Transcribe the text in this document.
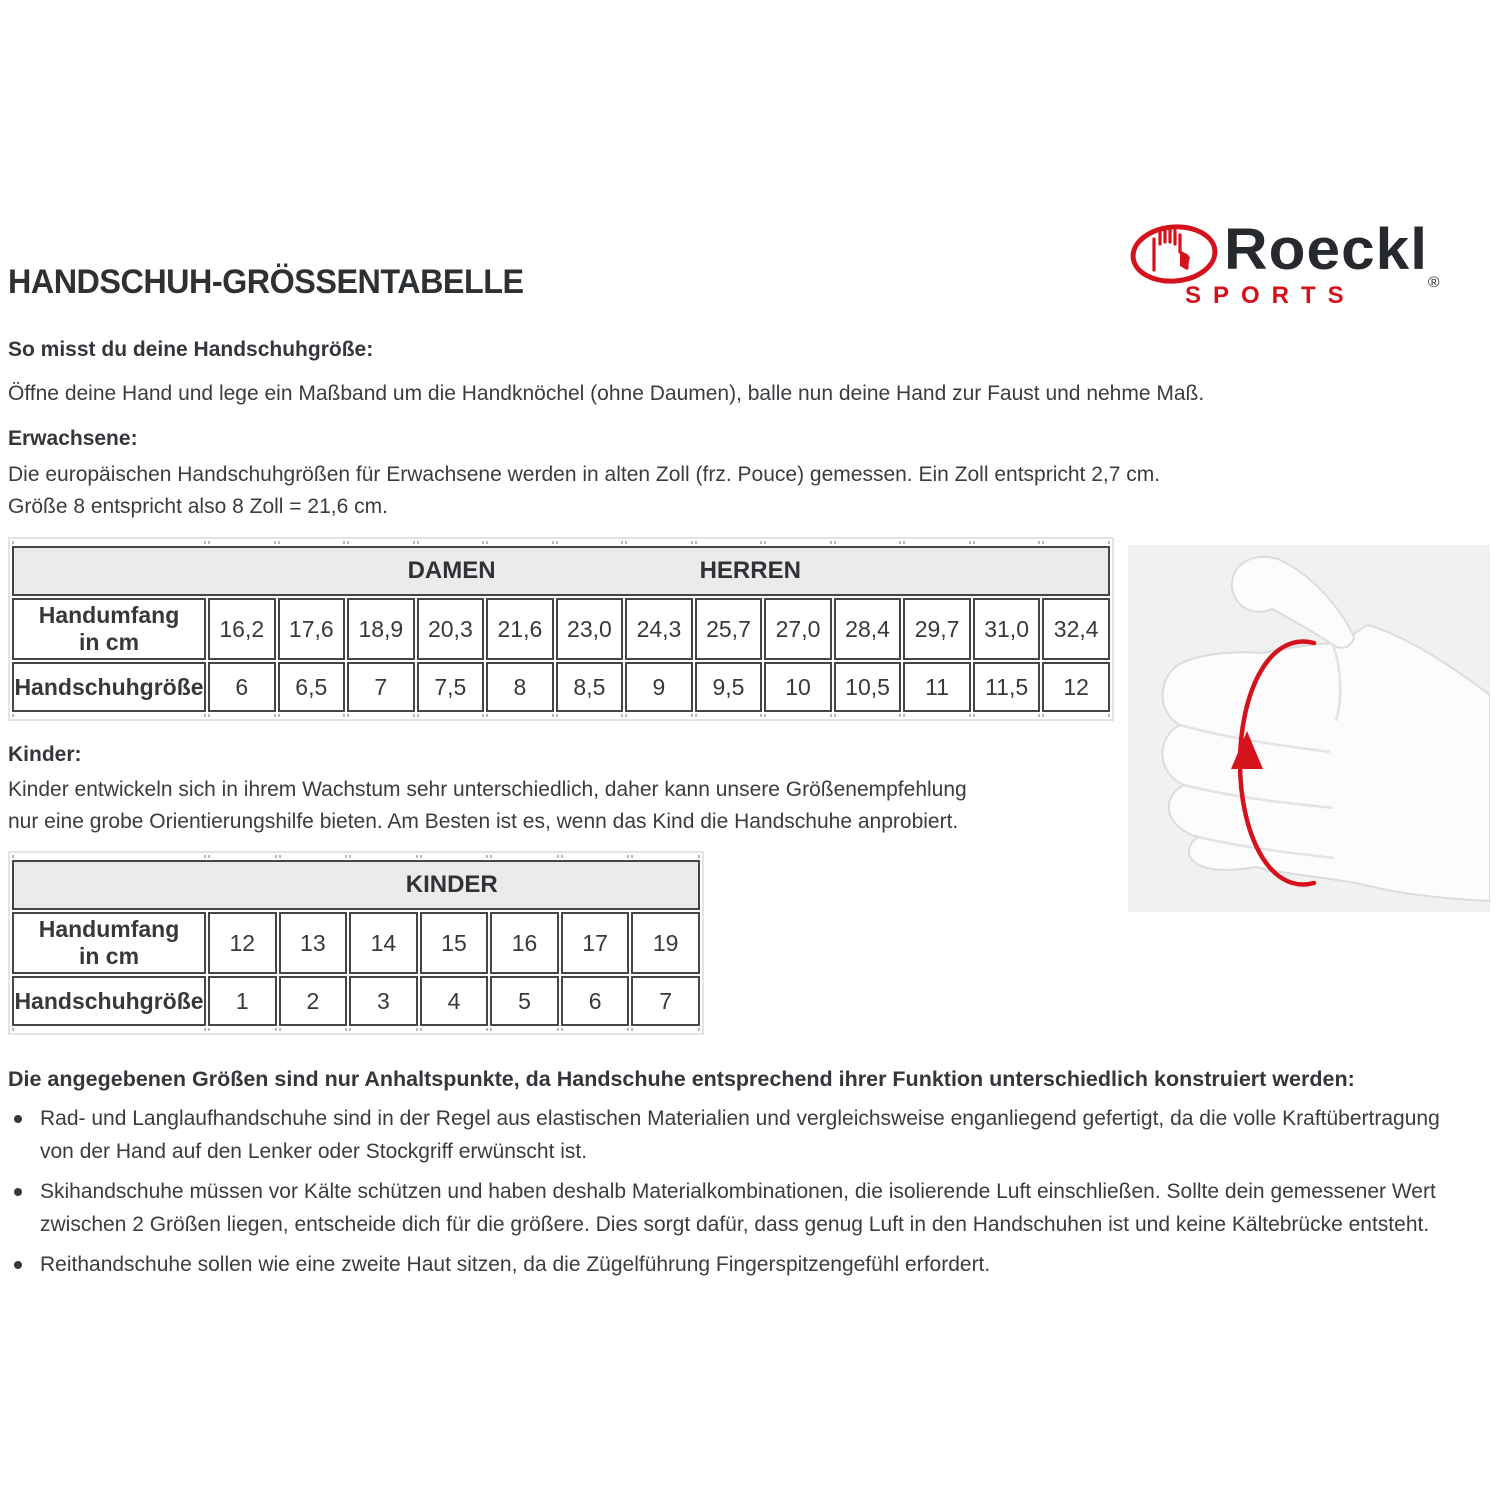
HANDSCHUH-GRÖSSENTABELLE	Roeckl$_®$
SPORTS
So misst du deine Handschuhgröße:
Öffne deine Hand und lege ein Maßband um die Handknöchel (ohne Daumen), balle nun deine Hand zur Faust und nehme Maß.
Erwachsene:
Die europäischen Handschuhgrößen für Erwachsene werden in alten Zoll (frz. Pouce) gemessen. Ein Zoll entspricht 2,7 cm.
Größe 8 entspricht also 8 Zoll = 21,6 cm.

DAMEN HERREN													

Handumfang
in cm	16,2	17,6	18,9	20,3	21,6	23,0	24,3	25,7	27,0	28,4	29,7	31,0	32,4
Handschuhgröße	6	6,5	7	7,5	8	8,5	9	9,5	10	10,5	11	11,5	12

Kinder:
Kinder entwickeln sich in ihrem Wachstum sehr unterschiedlich, daher kann unsere Größenempfehlung
nur eine grobe Orientierungshilfe bieten. Am Besten ist es, wenn das Kind die Handschuhe anprobiert.

KINDER							

Handumfang
in cm	12	13	14	15	16	17	19
Handschuhgröße	1	2	3	4	5	6	7

Die angegebenen Größen sind nur Anhaltspunkte, da Handschuhe entsprechend ihrer Funktion unterschiedlich konstruiert werden:
Rad- und Langlaufhandschuhe sind in der Regel aus elastischen Materialien und vergleichsweise enganliegend gefertigt, da die volle Kraftübertragung von der Hand auf den Lenker oder Stockgriff erwünscht ist.
Skihandschuhe müssen vor Kälte schützen und haben deshalb Materialkombinationen, die isolierende Luft einschließen. Sollte dein gemessener Wert zwischen 2 Größen liegen, entscheide dich für die größere. Dies sorgt dafür, dass genug Luft in den Handschuhen ist und keine Kältebrücke entsteht.
Reithandschuhe sollen wie eine zweite Haut sitzen, da die Zügelführung Fingerspitzengefühl erfordert.
